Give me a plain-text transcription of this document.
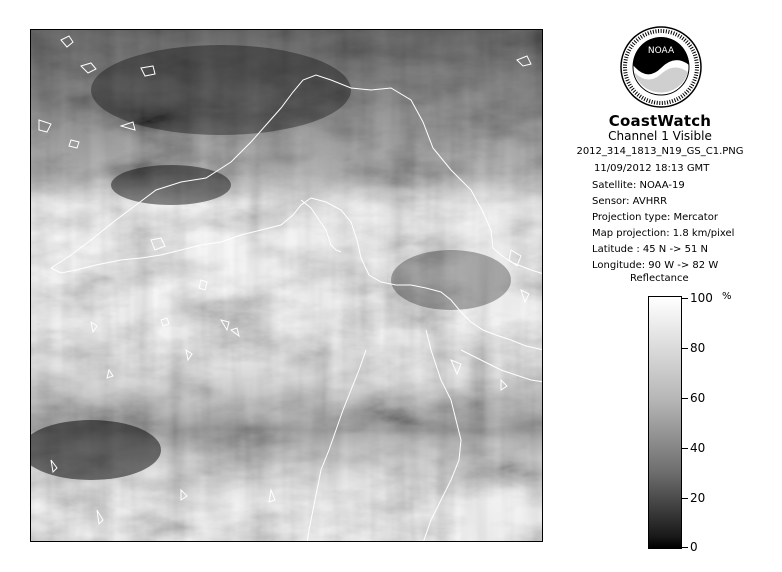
NOAA
CoastWatch
Channel 1 Visible
2012_314_1813_N19_GS_C1.PNG
11/09/2012 18:13 GMT
Satellite: NOAA-19
Sensor: AVHRR
Projection type: Mercator
Map projection: 1.8 km/pixel
Latitude : 45 N -> 51 N
Longitude: 90 W -> 82 W
Reflectance
%
100
80
60
40
20
0
